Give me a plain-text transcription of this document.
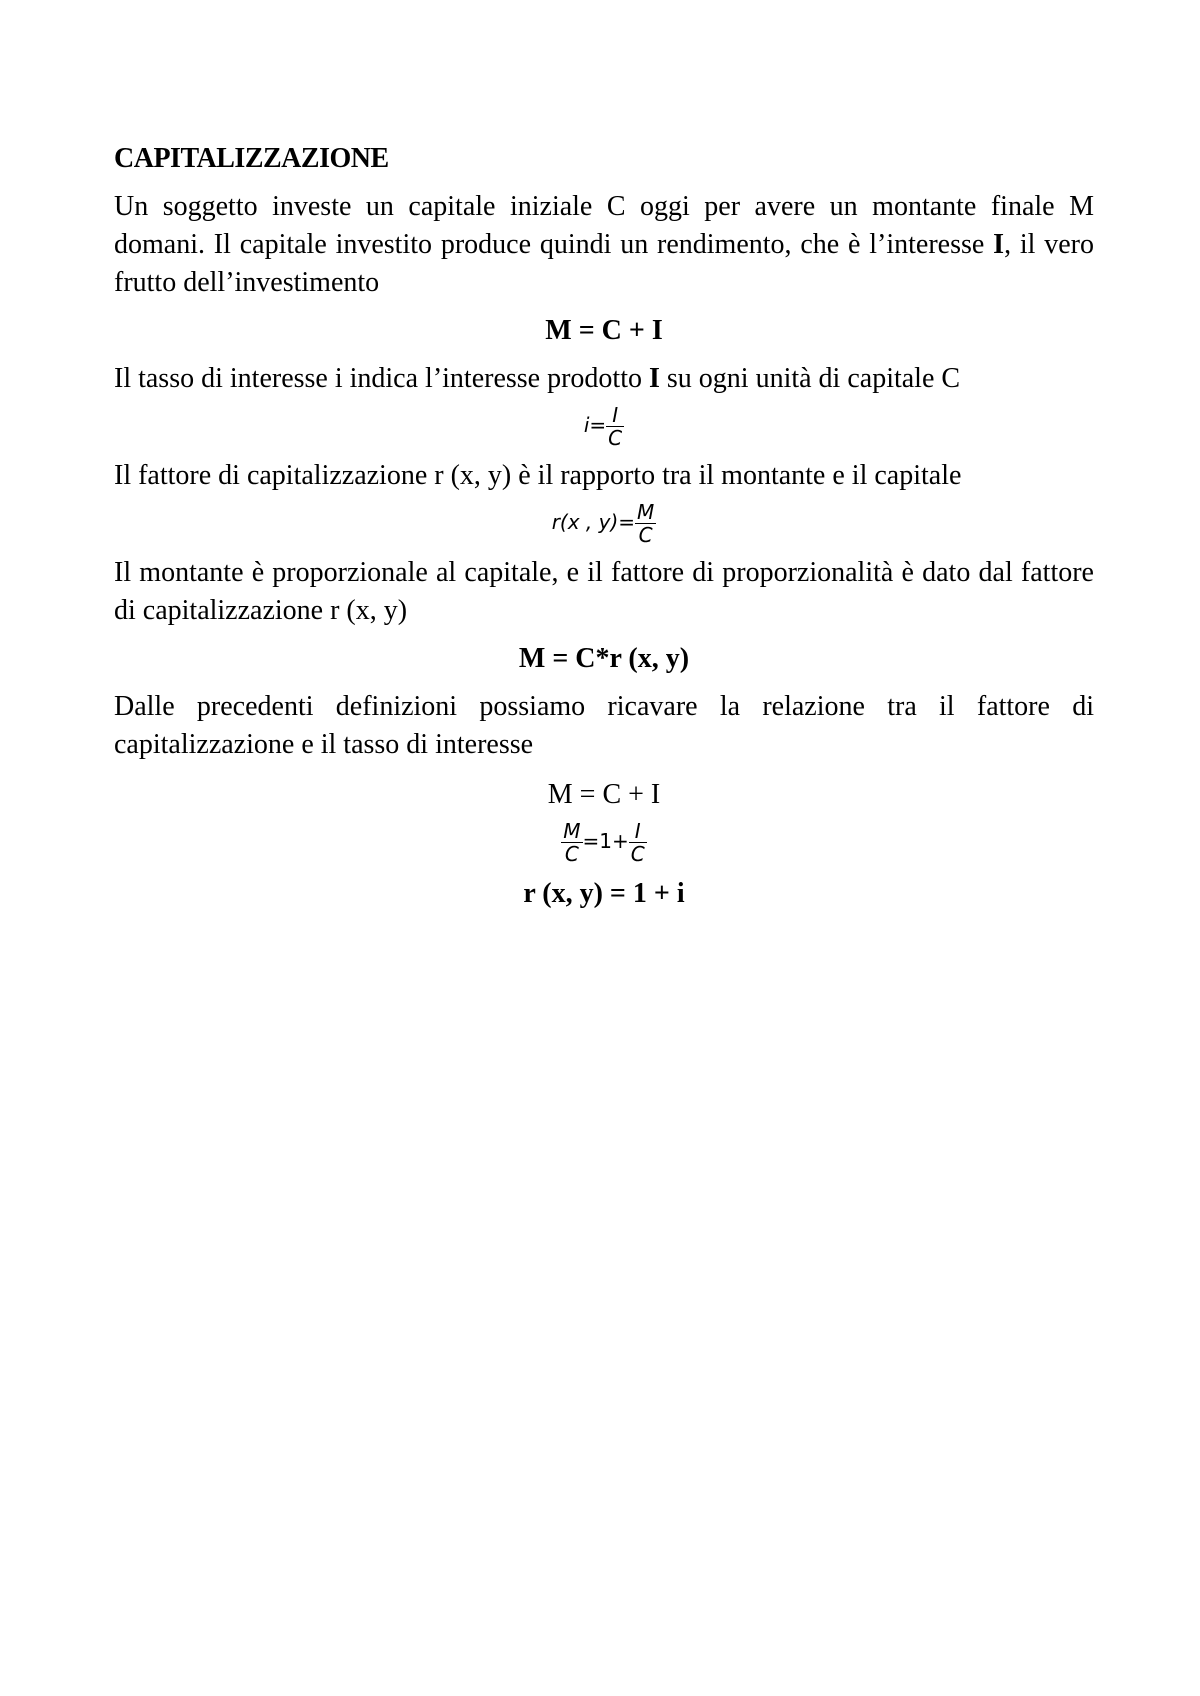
CAPITALIZZAZIONE

Un soggetto investe un capitale iniziale C oggi per avere un montante finale M domani. Il capitale investito produce quindi un rendimento, che è l’interesse I, il vero frutto dell’investimento

M = C + I

Il tasso di interesse i indica l’interesse prodotto I su ogni unità di capitale C

$i= \frac{I}{C}$

Il fattore di capitalizzazione r (x, y) è il rapporto tra il montante e il capitale

r(x , $y)= \frac{M}{C}$

Il montante è proporzionale al capitale, e il fattore di proporzionalità è dato dal fattore di capitalizzazione r (x, y)

M = C*r (x, y)

Dalle precedenti definizioni possiamo ricavare la relazione tra il fattore di capitalizzazione e il tasso di interesse

M = C + I

$\frac{M}{C} =1+ \frac{I}{C}$

r (x, y) = 1 + i
